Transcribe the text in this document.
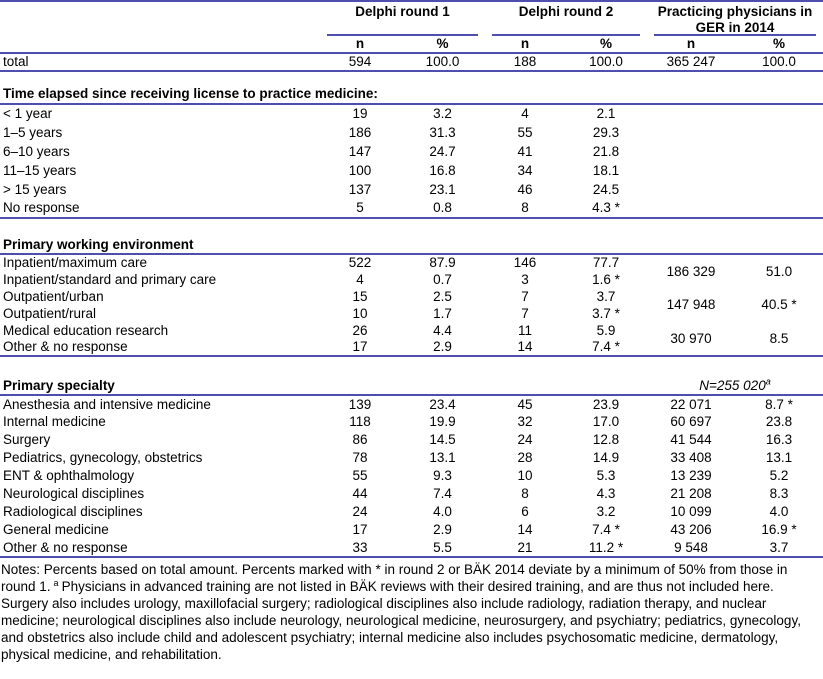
	Delphi round 1		Delphi round 2		Practicing physicians in GER in 2014	
	n	%	n	%	n	%
total	594	100.0	188	100.0	365 247	100.0

Time elapsed since receiving license to practice medicine:						
< 1 year	19	3.2	4	2.1		
1–5 years	186	31.3	55	29.3		
6–10 years	147	24.7	41	21.8		
11–15 years	100	16.8	34	18.1		
> 15 years	137	23.1	46	24.5		
No response	5	0.8	8	4.3 *		

Primary working environment						
Inpatient/maximum care	522	87.9	146	77.7	186 329	51.0
Inpatient/standard and primary care	4	0.7	3	1.6 *		
Outpatient/urban	15	2.5	7	3.7	147 948	40.5 *
Outpatient/rural	10	1.7	7	3.7 *		
Medical education research	26	4.4	11	5.9	30 970	8.5
Other & no response	17	2.9	14	7.4 *		

Primary specialty					N=255 020$^a$
Anesthesia and intensive medicine	139	23.4	45	23.9	22 071	8.7 *
Internal medicine	118	19.9	32	17.0	60 697	23.8
Surgery	86	14.5	24	12.8	41 544	16.3
Pediatrics, gynecology, obstetrics	78	13.1	28	14.9	33 408	13.1
ENT & ophthalmology	55	9.3	10	5.3	13 239	5.2
Neurological disciplines	44	7.4	8	4.3	21 208	8.3
Radiological disciplines	24	4.0	6	3.2	10 099	4.0
General medicine	17	2.9	14	7.4 *	43 206	16.9 *
Other & no response	33	5.5	21	11.2 *	9 548	3.7
Notes: Percents based on total amount. Percents marked with * in round 2 or BÄK 2014 deviate by a minimum of 50% from those in round 1. $^a$ Physicians in advanced training are not listed in BÄK reviews with their desired training, and are thus not included here.
Surgery also includes urology, maxillofacial surgery; radiological disciplines also include radiology, radiation therapy, and nuclear medicine; neurological disciplines also include neurology, neurological medicine, neurosurgery, and psychiatry; pediatrics, gynecology, and obstetrics also include child and adolescent psychiatry; internal medicine also includes psychosomatic medicine, dermatology, physical medicine, and rehabilitation.
